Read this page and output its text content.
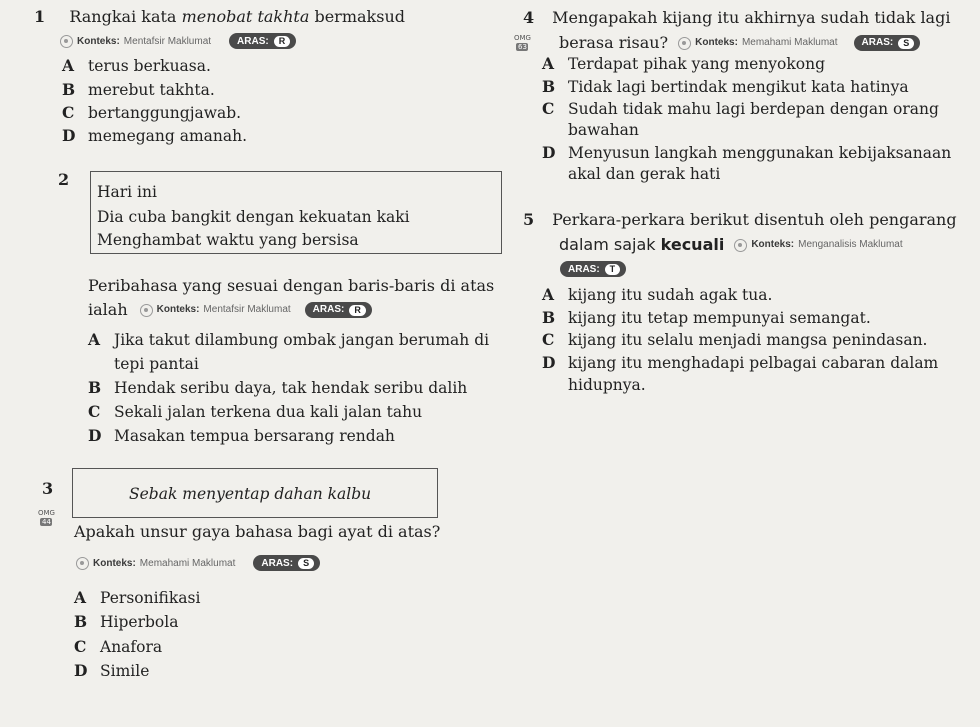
1 Rangkai kata menobat takhta bermaksud
Konteks: Mentafsir Maklumat	ARAS:	R
A terus berkuasa.
B merebut takhta.
C bertanggungjawab.
D memegang amanah.
2
Hari ini
Dia cuba bangkit dengan kekuatan kaki
Menghambat waktu yang bersisa
Peribahasa yang sesuai dengan baris-baris di atas
ialah	Konteks: Mentafsir Maklumat ARAS:	R
A Jika takut dilambung ombak jangan berumah di
tepi pantai
B Hendak seribu daya, tak hendak seribu dalih
C Sekali jalan terkena dua kali jalan tahu
D Masakan tempua bersarang rendah
3	Sebak menyentap dahan kalbu
OMG
44 Apakah unsur gaya bahasa bagi ayat di atas?
Konteks: Memahami Maklumat	ARAS:	S
A Personifikasi
B Hiperbola
C Anafora
D Simile
4 Mengapakah kijang itu akhirnya sudah tidak lagi
OMG
63 berasa risau?	Konteks: Memahami Maklumat ARAS:	S
A Terdapat pihak yang menyokong
B Tidak lagi bertindak mengikut kata hatinya
C Sudah tidak mahu lagi berdepan dengan orang
bawahan
D Menyusun langkah menggunakan kebijaksanaan
akal dan gerak hati
5 Perkara-perkara berikut disentuh oleh pengarang
dalam sajak kecuali	Konteks: Menganalisis Maklumat
ARAS:	T
A kijang itu sudah agak tua.
B kijang itu tetap mempunyai semangat.
C kijang itu selalu menjadi mangsa penindasan.
D kijang itu menghadapi pelbagai cabaran dalam
hidupnya.
